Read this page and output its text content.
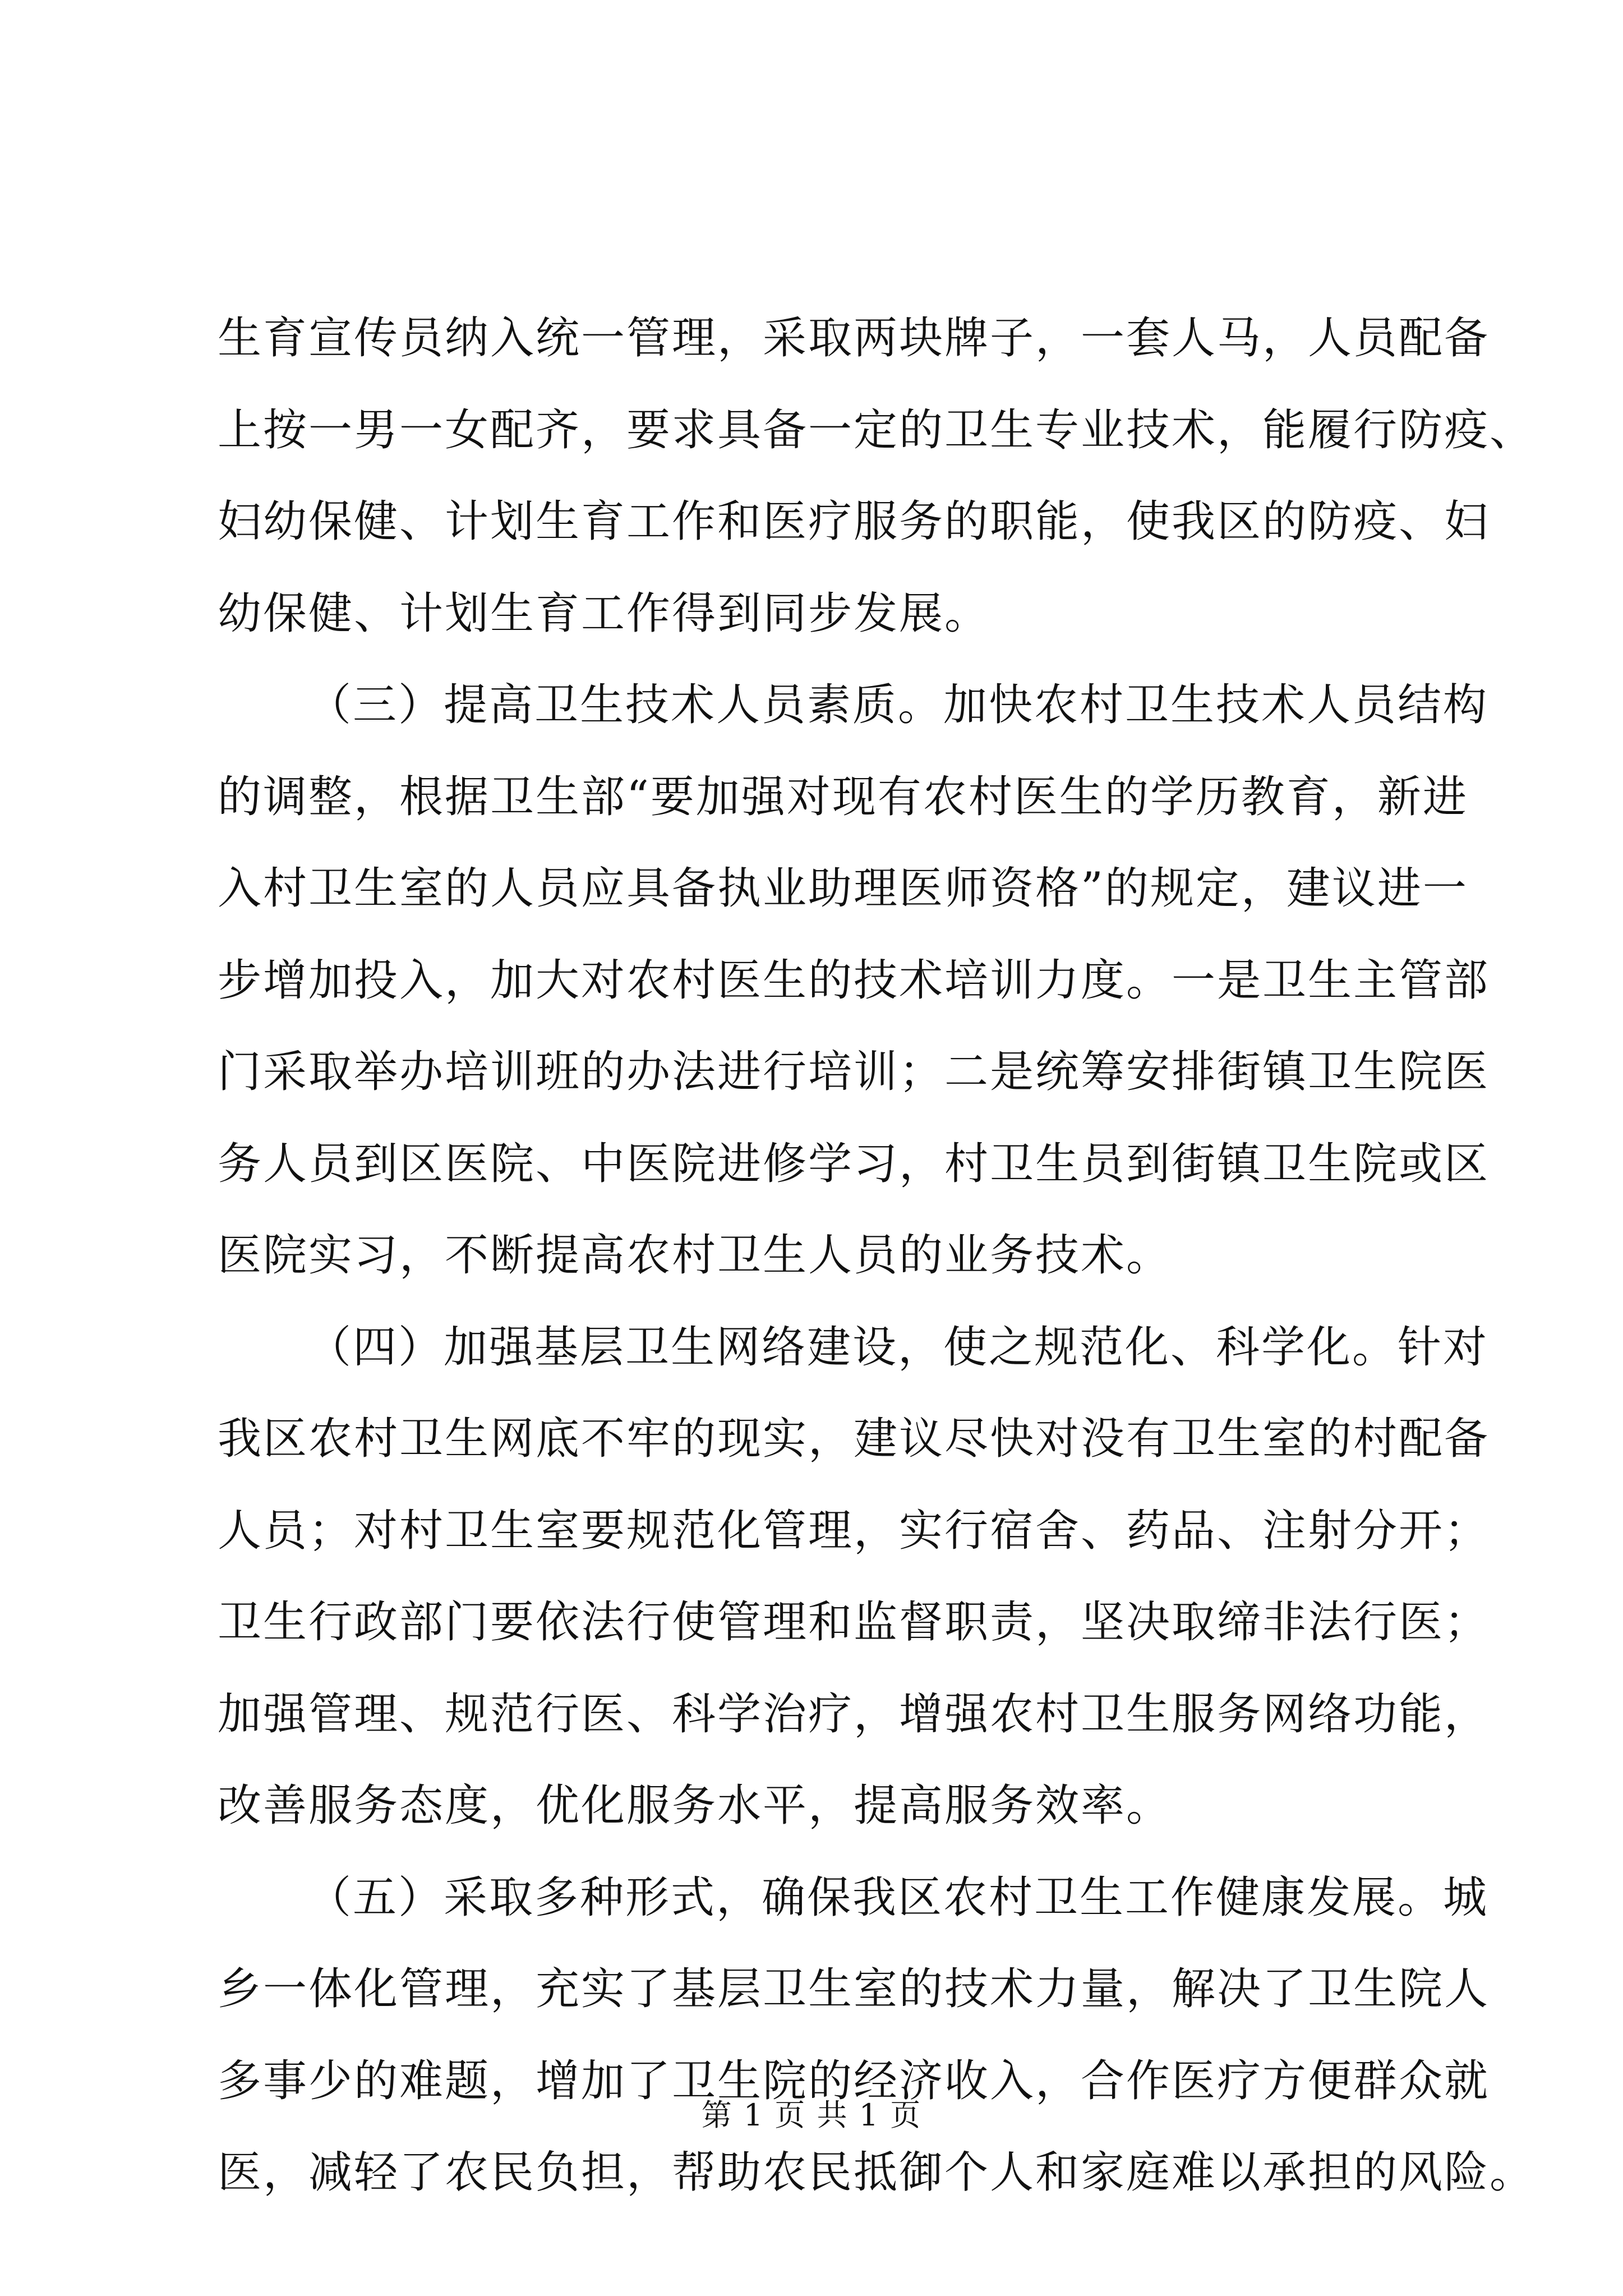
生育宣传员纳入统一管理，采取两块牌子，一套人马，人员配备
上按一男一女配齐，要求具备一定的卫生专业技术，能履行防疫、
妇幼保健、计划生育工作和医疗服务的职能，使我区的防疫、妇
幼保健、计划生育工作得到同步发展。
（三）提高卫生技术人员素质。加快农村卫生技术人员结构
的调整，根据卫生部“要加强对现有农村医生的学历教育，新进
入村卫生室的人员应具备执业助理医师资格”的规定，建议进一
步增加投入，加大对农村医生的技术培训力度。一是卫生主管部
门采取举办培训班的办法进行培训；二是统筹安排街镇卫生院医
务人员到区医院、中医院进修学习，村卫生员到街镇卫生院或区
医院实习，不断提高农村卫生人员的业务技术。
（四）加强基层卫生网络建设，使之规范化、科学化。针对
我区农村卫生网底不牢的现实，建议尽快对没有卫生室的村配备
人员；对村卫生室要规范化管理，实行宿舍、药品、注射分开；
卫生行政部门要依法行使管理和监督职责，坚决取缔非法行医；
加强管理、规范行医、科学治疗，增强农村卫生服务网络功能，
改善服务态度，优化服务水平，提高服务效率。
（五）采取多种形式，确保我区农村卫生工作健康发展。城
乡一体化管理，充实了基层卫生室的技术力量，解决了卫生院人
多事少的难题，增加了卫生院的经济收入，合作医疗方便群众就
医，减轻了农民负担，帮助农民抵御个人和家庭难以承担的风险。
第 1 页 共 1 页
